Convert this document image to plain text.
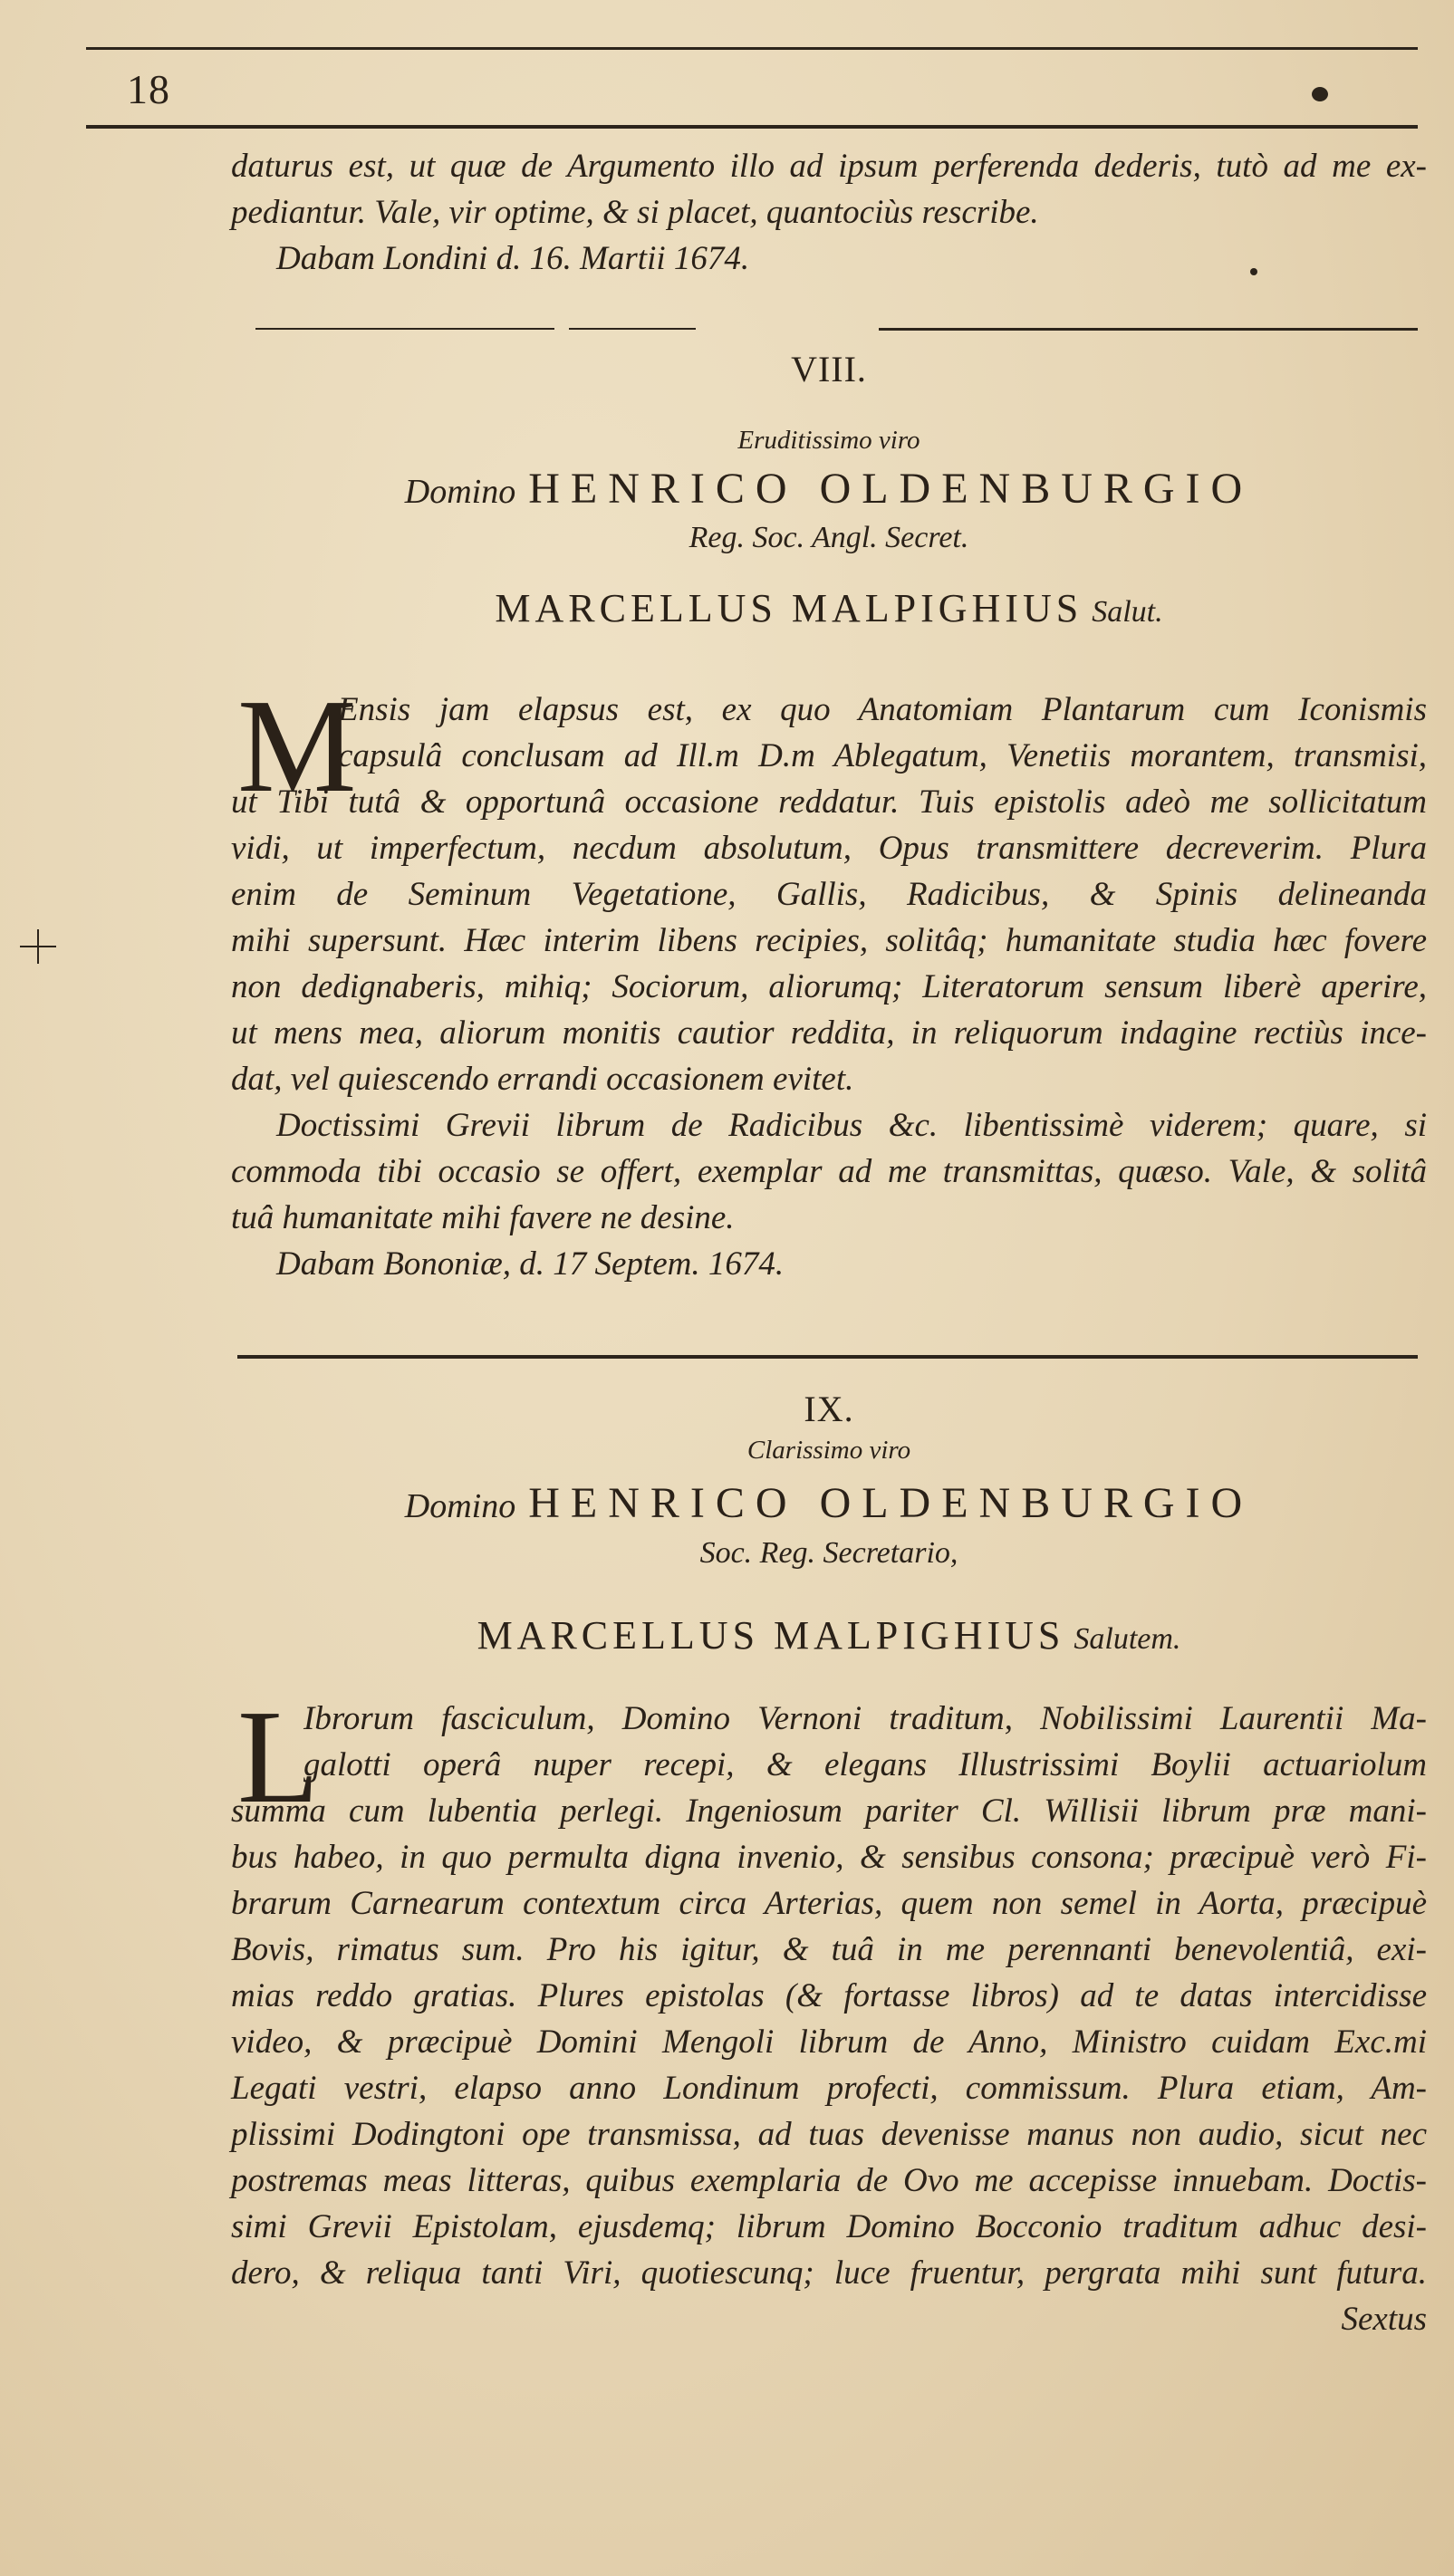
18
daturus est, ut quæ de Argumento illo ad ipsum perferenda dederis, tutò ad me ex-
pediantur. Vale, vir optime, & si placet, quantociùs rescribe.
Dabam Londini d. 16. Martii 1674.
VIII.
Eruditissimo viro
Domino HENRICO OLDENBURGIO
Reg. Soc. Angl. Secret.
MARCELLUS MALPIGHIUS Salut.
M
Ensis jam elapsus est, ex quo Anatomiam Plantarum cum Iconismis
capsulâ conclusam ad Ill.m D.m Ablegatum, Venetiis morantem, transmisi,
ut Tibi tutâ & opportunâ occasione reddatur. Tuis epistolis adeò me sollicitatum
vidi, ut imperfectum, necdum absolutum, Opus transmittere decreverim. Plura
enim de Seminum Vegetatione, Gallis, Radicibus, & Spinis delineanda
mihi supersunt. Hæc interim libens recipies, solitâq; humanitate studia hæc fovere
non dedignaberis, mihiq; Sociorum, aliorumq; Literatorum sensum liberè aperire,
ut mens mea, aliorum monitis cautior reddita, in reliquorum indagine rectiùs ince-
dat, vel quiescendo errandi occasionem evitet.
Doctissimi Grevii librum de Radicibus &c. libentissimè viderem; quare, si
commoda tibi occasio se offert, exemplar ad me transmittas, quæso. Vale, & solitâ
tuâ humanitate mihi favere ne desine.
Dabam Bononiæ, d. 17 Septem. 1674.
IX.
Clarissimo viro
Domino HENRICO OLDENBURGIO
Soc. Reg. Secretario,
MARCELLUS MALPIGHIUS Salutem.
L
Ibrorum fasciculum, Domino Vernoni traditum, Nobilissimi Laurentii Ma-
galotti operâ nuper recepi, & elegans Illustrissimi Boylii actuariolum
summa cum lubentia perlegi. Ingeniosum pariter Cl. Willisii librum præ mani-
bus habeo, in quo permulta digna invenio, & sensibus consona; præcipuè verò Fi-
brarum Carnearum contextum circa Arterias, quem non semel in Aorta, præcipuè
Bovis, rimatus sum. Pro his igitur, & tuâ in me perennanti benevolentiâ, exi-
mias reddo gratias. Plures epistolas (& fortasse libros) ad te datas intercidisse
video, & præcipuè Domini Mengoli librum de Anno, Ministro cuidam Exc.mi
Legati vestri, elapso anno Londinum profecti, commissum. Plura etiam, Am-
plissimi Dodingtoni ope transmissa, ad tuas devenisse manus non audio, sicut nec
postremas meas litteras, quibus exemplaria de Ovo me accepisse innuebam. Doctis-
simi Grevii Epistolam, ejusdemq; librum Domino Bocconio traditum adhuc desi-
dero, & reliqua tanti Viri, quotiescunq; luce fruentur, pergrata mihi sunt futura.
Sextus
